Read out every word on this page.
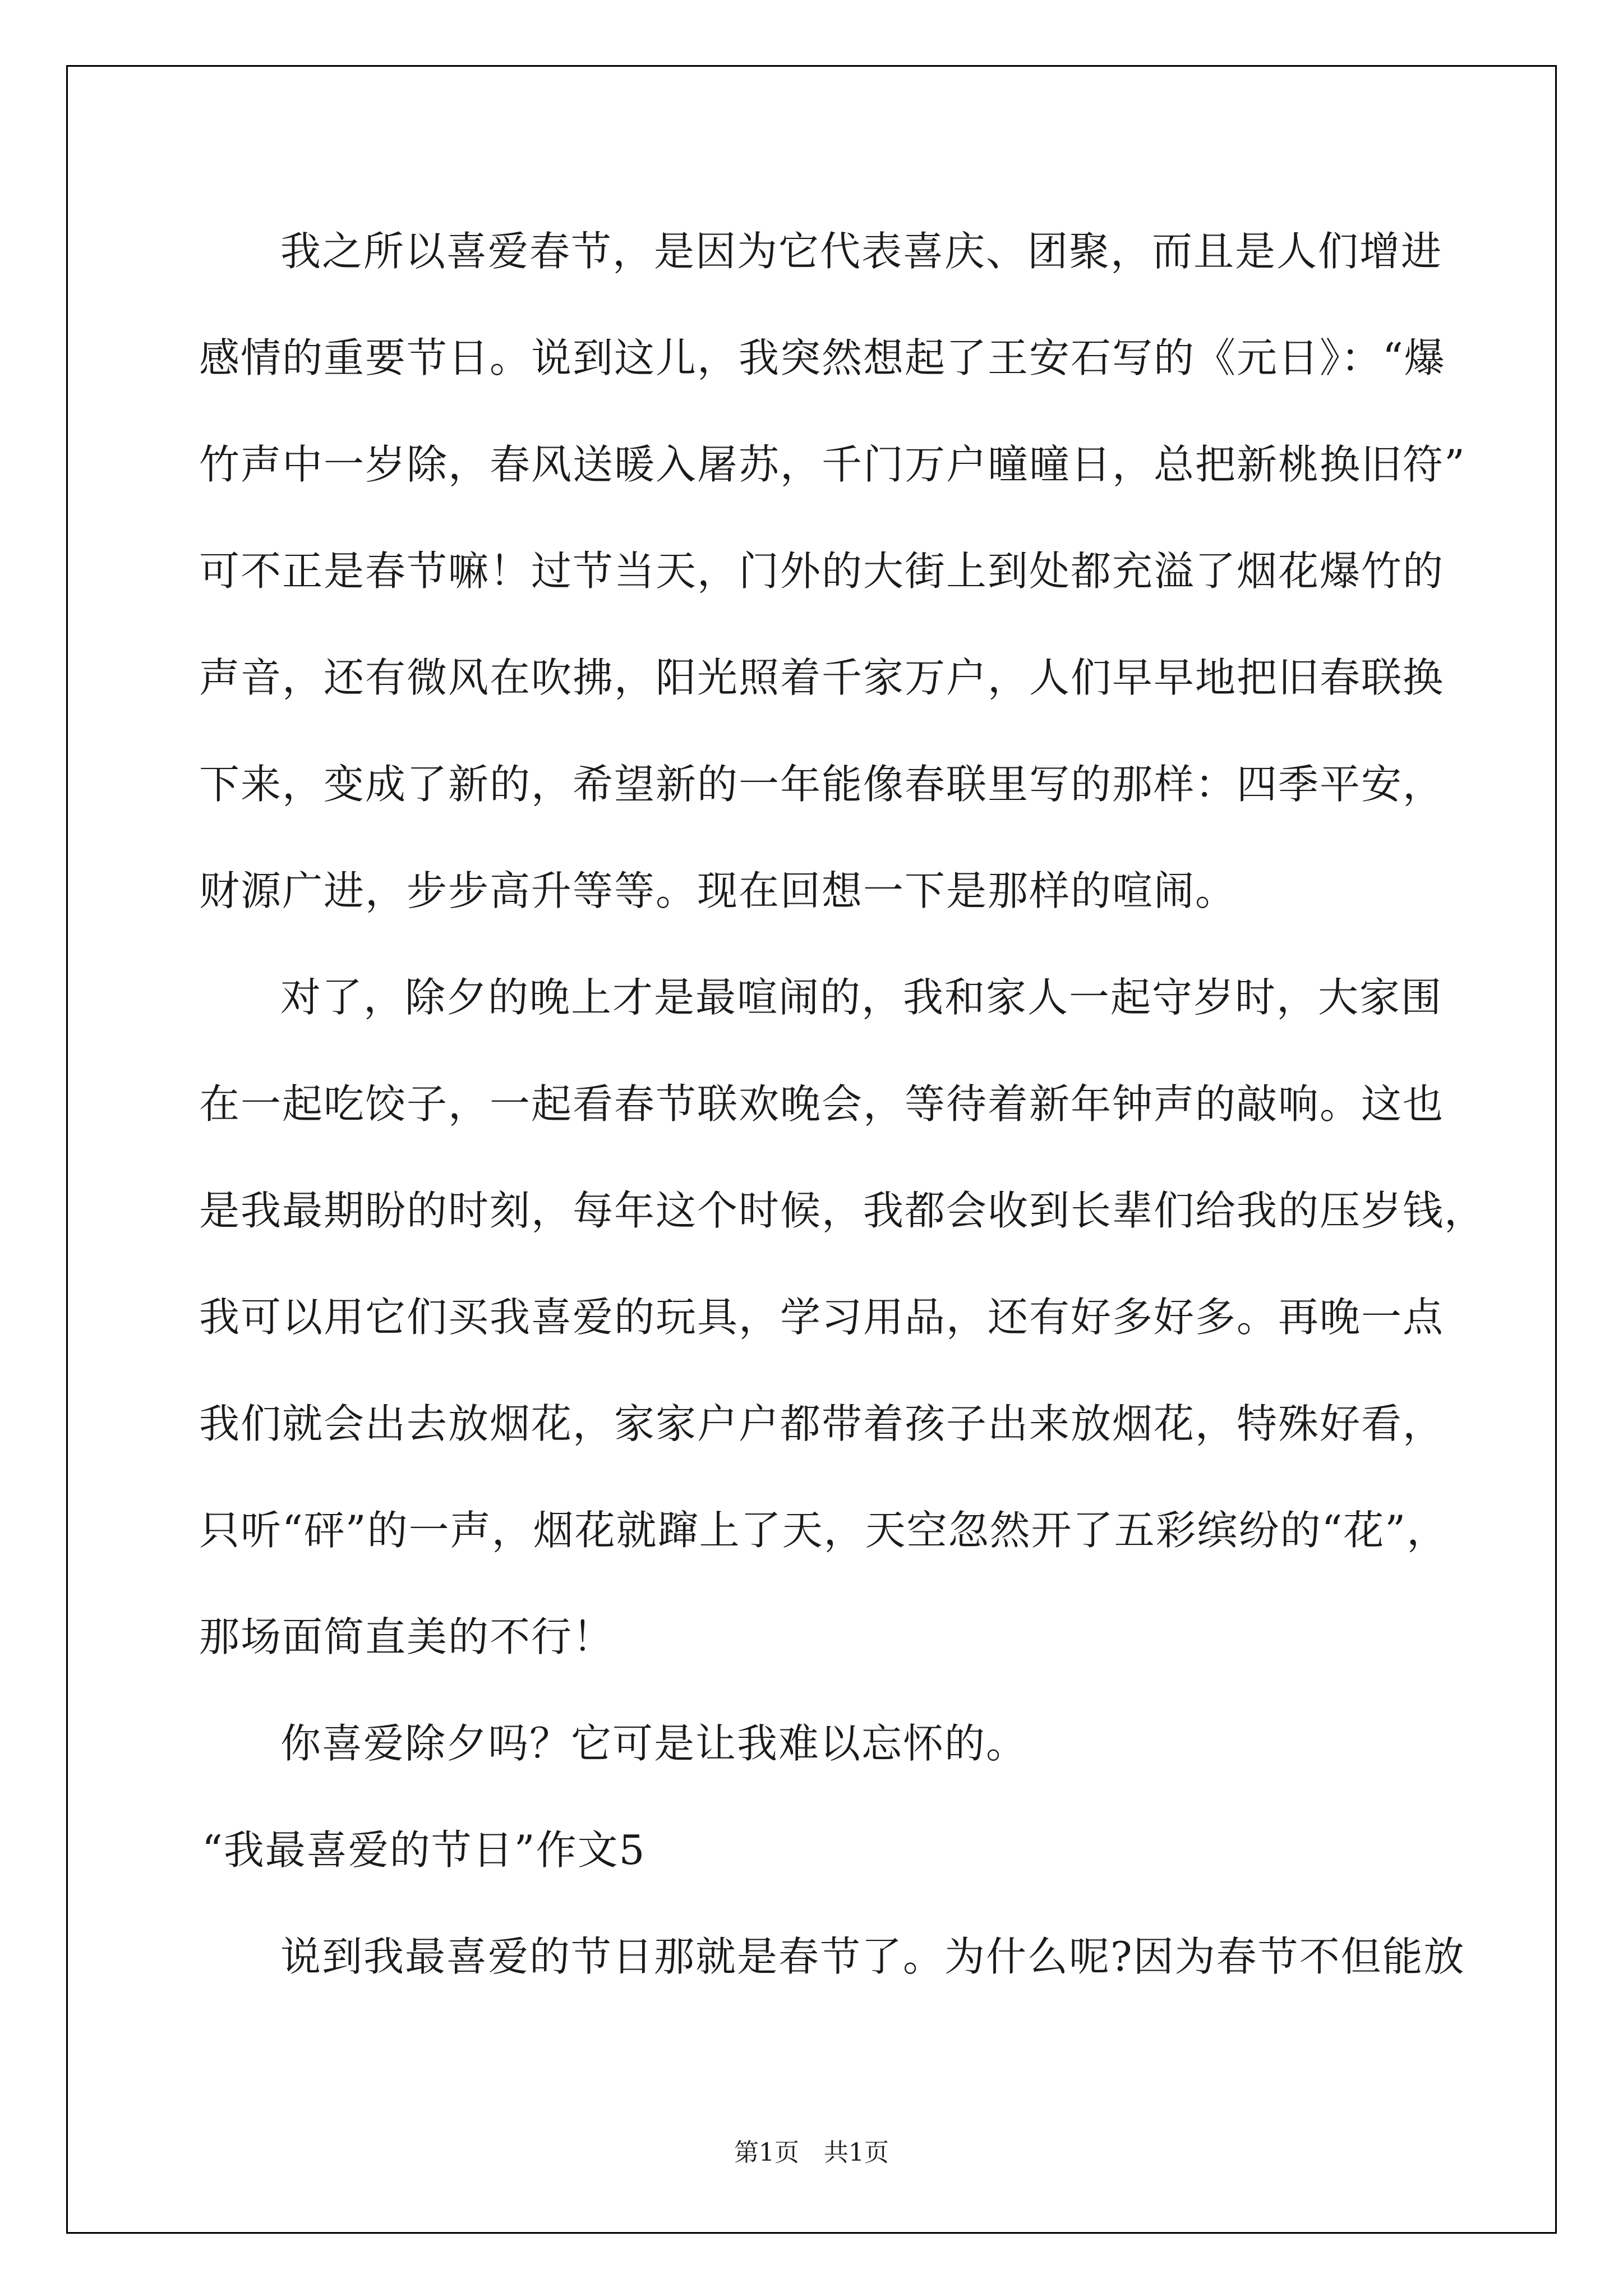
我之所以喜爱春节，是因为它代表喜庆、团聚，而且是人们增进
感情的重要节日。说到这儿，我突然想起了王安石写的《元日》：“爆
竹声中一岁除，春风送暖入屠苏，千门万户曈曈日，总把新桃换旧符”
可不正是春节嘛！过节当天，门外的大街上到处都充溢了烟花爆竹的
声音，还有微风在吹拂，阳光照着千家万户，人们早早地把旧春联换
下来，变成了新的，希望新的一年能像春联里写的那样：四季平安，
财源广进，步步高升等等。现在回想一下是那样的喧闹。
对了，除夕的晚上才是最喧闹的，我和家人一起守岁时，大家围
在一起吃饺子，一起看春节联欢晚会，等待着新年钟声的敲响。这也
是我最期盼的时刻，每年这个时候，我都会收到长辈们给我的压岁钱，
我可以用它们买我喜爱的玩具，学习用品，还有好多好多。再晚一点
我们就会出去放烟花，家家户户都带着孩子出来放烟花，特殊好看，
只听“砰”的一声，烟花就蹿上了天，天空忽然开了五彩缤纷的“花”，
那场面简直美的不行！
你喜爱除夕吗？它可是让我难以忘怀的。
“我最喜爱的节日”作文5
说到我最喜爱的节日那就是春节了。为什么呢?因为春节不但能放
第1页　共1页
